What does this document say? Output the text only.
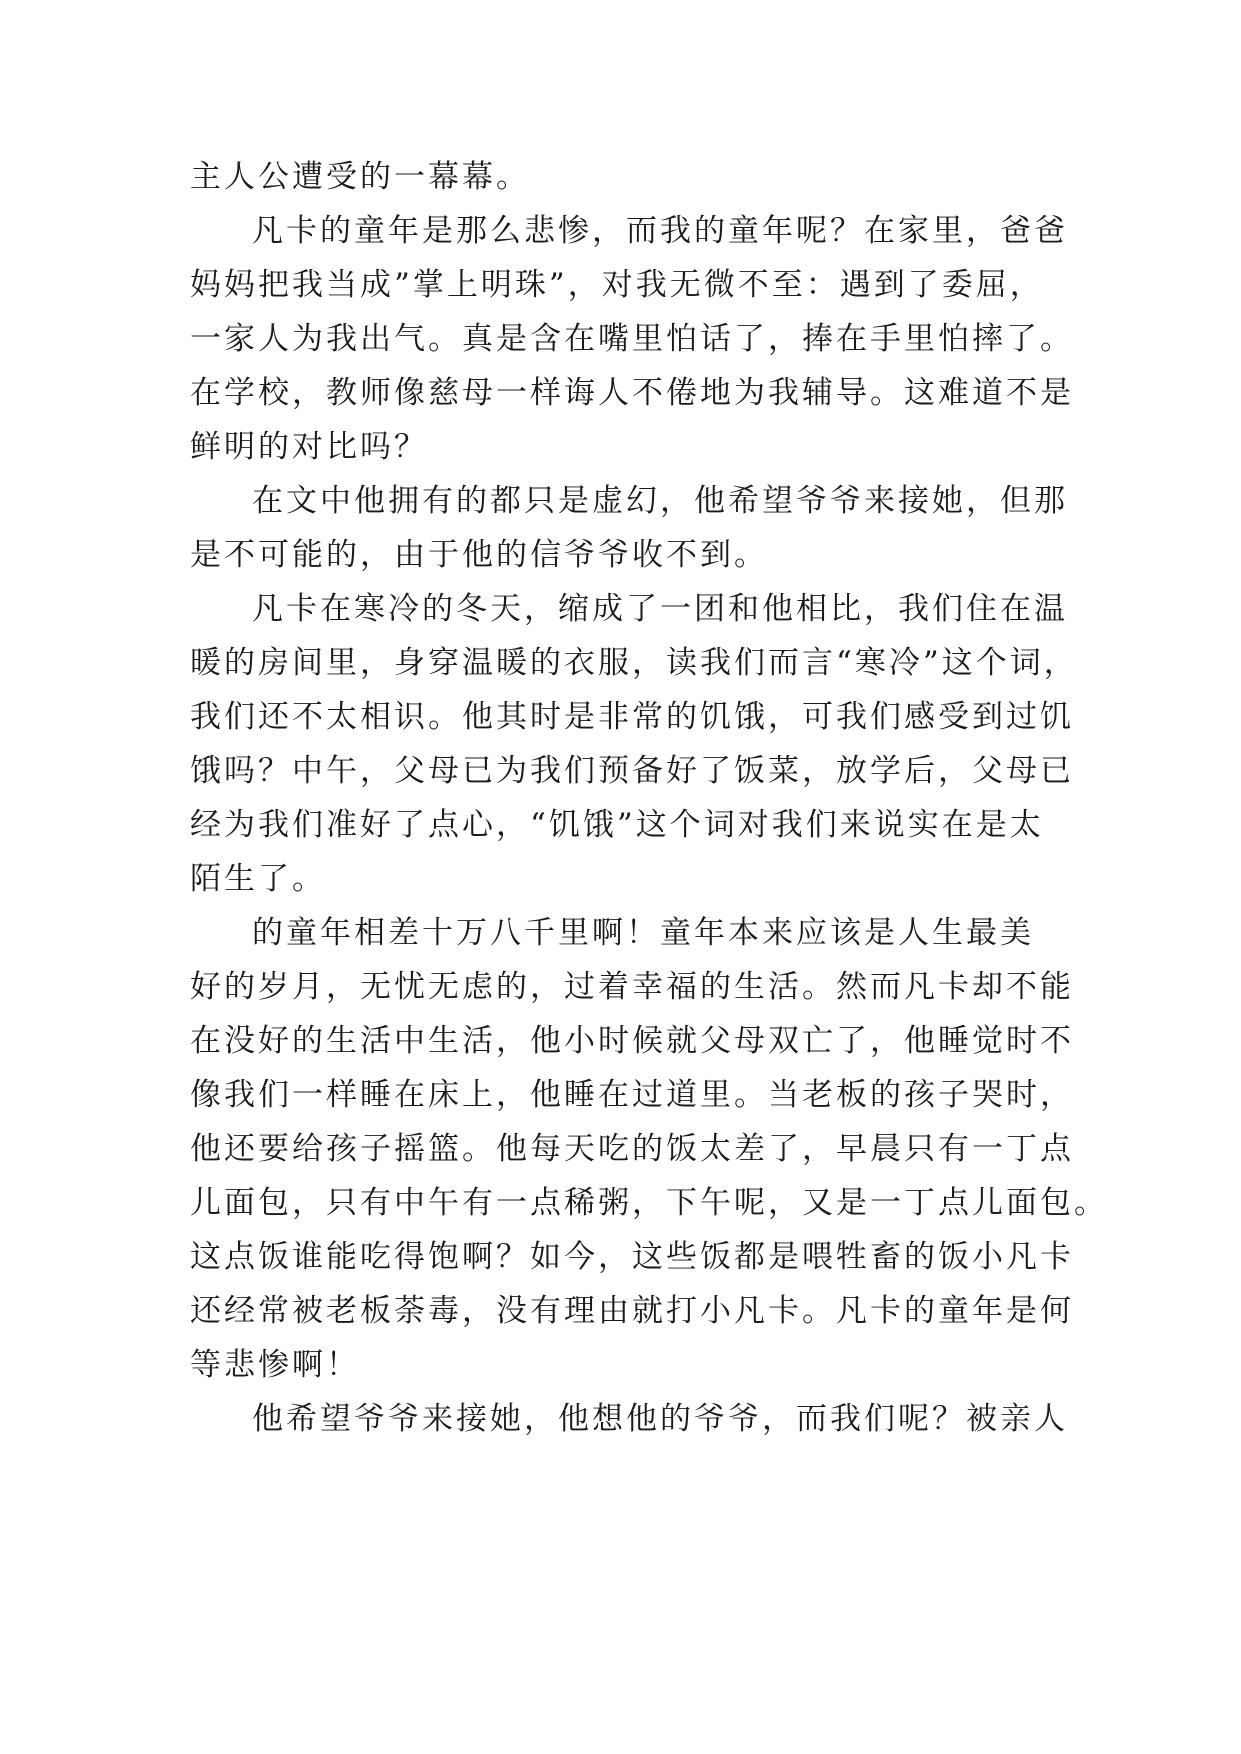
主人公遭受的一幕幕。
凡卡的童年是那么悲惨，而我的童年呢？在家里，爸爸
妈妈把我当成”掌上明珠”，对我无微不至：遇到了委屈，
一家人为我出气。真是含在嘴里怕话了，捧在手里怕摔了。
在学校，教师像慈母一样诲人不倦地为我辅导。这难道不是
鲜明的对比吗？
在文中他拥有的都只是虚幻，他希望爷爷来接她，但那
是不可能的，由于他的信爷爷收不到。
凡卡在寒冷的冬天，缩成了一团和他相比，我们住在温
暖的房间里，身穿温暖的衣服，读我们而言“寒冷”这个词，
我们还不太相识。他其时是非常的饥饿，可我们感受到过饥
饿吗？中午，父母已为我们预备好了饭菜，放学后，父母已
经为我们准好了点心，“饥饿”这个词对我们来说实在是太
陌生了。
的童年相差十万八千里啊！童年本来应该是人生最美
好的岁月，无忧无虑的，过着幸福的生活。然而凡卡却不能
在没好的生活中生活，他小时候就父母双亡了，他睡觉时不
像我们一样睡在床上，他睡在过道里。当老板的孩子哭时，
他还要给孩子摇篮。他每天吃的饭太差了，早晨只有一丁点
儿面包，只有中午有一点稀粥，下午呢，又是一丁点儿面包。
这点饭谁能吃得饱啊？如今，这些饭都是喂牲畜的饭小凡卡
还经常被老板荼毒，没有理由就打小凡卡。凡卡的童年是何
等悲惨啊！
他希望爷爷来接她，他想他的爷爷，而我们呢？被亲人
